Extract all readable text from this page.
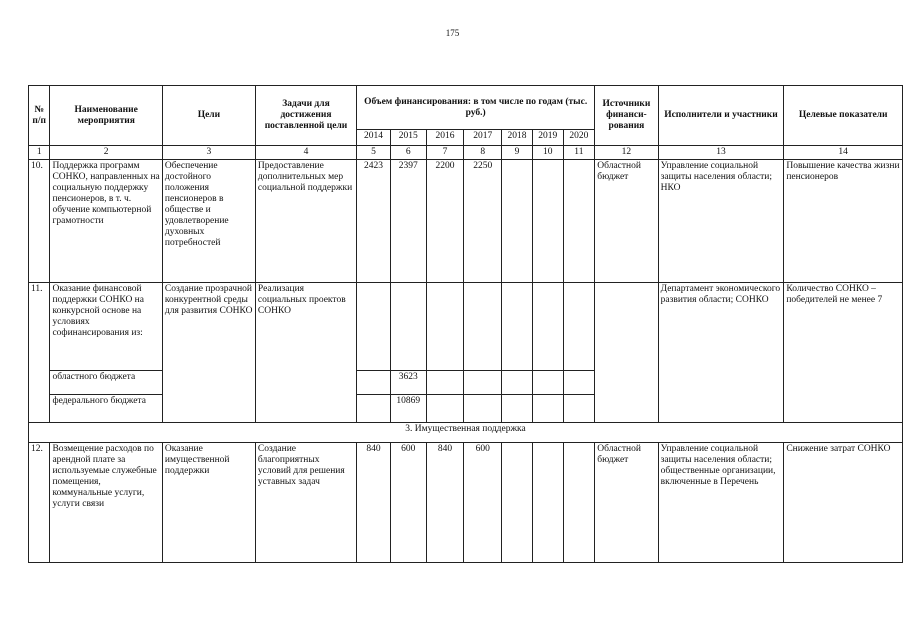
175
№ п/п	Наименование мероприятия	Цели	Задачи для достижения поставленной цели	Объем финансирования: в том числе по годам (тыс. руб.)							Источники финанси-рования	Исполнители и участники	Целевые показатели
				2014	2015	2016	2017	2018	2019	2020			
1	2	3	4	5	6	7	8	9	10	11	12	13	14
10.	Поддержка программ СОНКО, направленных на социальную поддержку пенсионеров, в т. ч. обучение компьютерной грамотности	Обеспечение достойного положения пенсионеров в обществе и удовлетворение духовных потребностей	Предоставление дополнительных мер социальной поддержки	2423	2397	2200	2250				Областной бюджет	Управление социальной защиты населения области; НКО	Повышение качества жизни пенсионеров
11.	Оказание финансовой поддержки СОНКО на конкурсной основе на условиях софинансирования из:	Создание прозрачной конкурентной среды для развития СОНКО	Реализация социальных проектов СОНКО									Департамент экономического развития области; СОНКО	Количество СОНКО – победителей не менее 7
	областного бюджета				3623								
	федерального бюджета				10869								
3. Имущественная поддержка													
12.	Возмещение расходов по арендной плате за используемые служебные помещения, коммунальные услуги, услуги связи	Оказание имущественной поддержки	Создание благоприятных условий для решения уставных задач	840	600	840	600				Областной бюджет	Управление социальной защиты населения области; общественные организации, включенные в Перечень	Снижение затрат СОНКО
